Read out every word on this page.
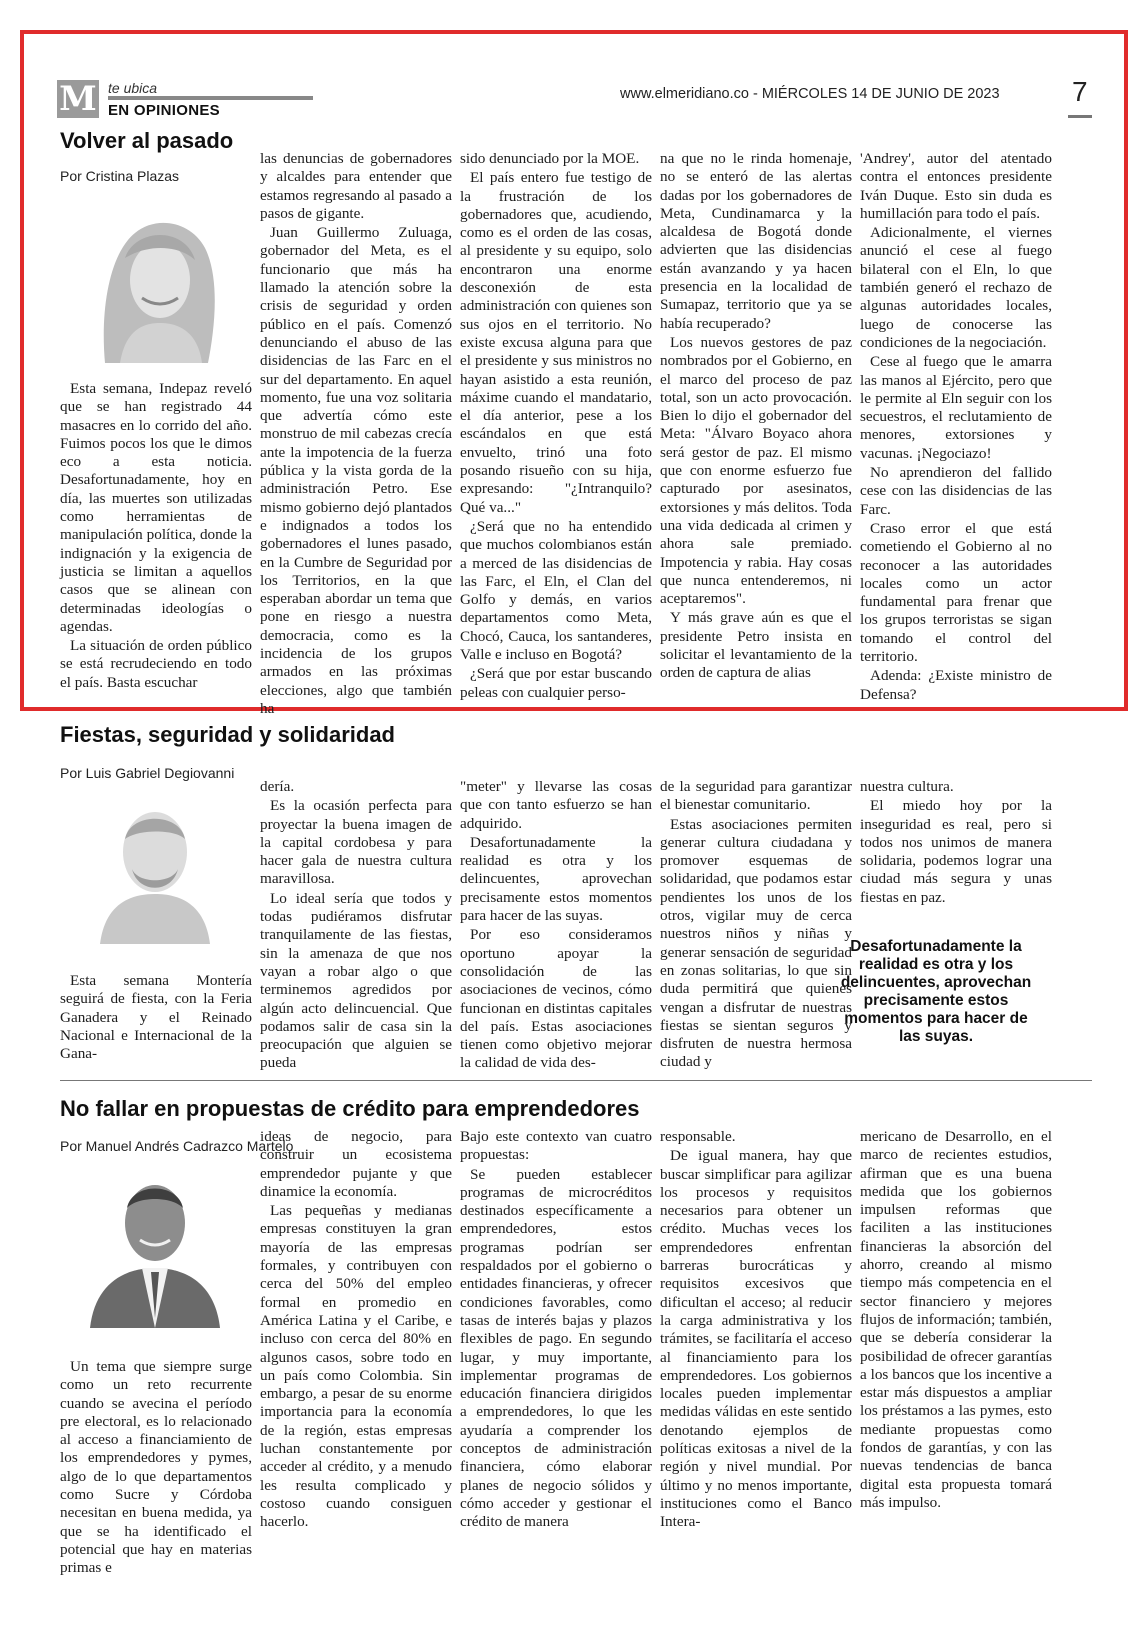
M te ubica
EN OPINIONES
www.elmeridiano.co - MIÉRCOLES 14 DE JUNIO DE 2023	7
Volver al pasado
Por Cristina Plazas

Esta semana, Indepaz reveló que se han registrado 44 masacres en lo corrido del año. Fuimos pocos los que le dimos eco a esta noticia. Desafortunadamente, hoy en día, las muertes son utilizadas como herramientas de manipulación política, donde la indignación y la exigencia de justicia se limitan a aquellos casos que se alinean con determinadas ideologías o agendas.

La situación de orden público se está recrudeciendo en todo el país. Basta escuchar

las denuncias de gobernadores y alcaldes para entender que estamos regresando al pasado a pasos de gigante.

Juan Guillermo Zuluaga, gobernador del Meta, es el funcionario que más ha llamado la atención sobre la crisis de seguridad y orden público en el país. Comenzó denunciando el abuso de las disidencias de las Farc en el sur del departamento. En aquel momento, fue una voz solitaria que advertía cómo este monstruo de mil cabezas crecía ante la impotencia de la fuerza pública y la vista gorda de la administración Petro. Ese mismo gobierno dejó plantados e indignados a todos los gobernadores el lunes pasado, en la Cumbre de Seguridad por los Territorios, en la que esperaban abordar un tema que pone en riesgo a nuestra democracia, como es la incidencia de los grupos armados en las próximas elecciones, algo que también ha

sido denunciado por la MOE.

El país entero fue testigo de la frustración de los gobernadores que, acudiendo, como es el orden de las cosas, al presidente y su equipo, solo encontraron una enorme desconexión de esta administración con quienes son sus ojos en el territorio. No existe excusa alguna para que el presidente y sus ministros no hayan asistido a esta reunión, máxime cuando el mandatario, el día anterior, pese a los escándalos en que está envuelto, trinó una foto posando risueño con su hija, expresando: "¿Intranquilo? Qué va..."

¿Será que no ha entendido que muchos colombianos están a merced de las disidencias de las Farc, el Eln, el Clan del Golfo y demás, en varios departamentos como Meta, Chocó, Cauca, los santanderes, Valle e incluso en Bogotá?

¿Será que por estar buscando peleas con cualquier perso-

na que no le rinda homenaje, no se enteró de las alertas dadas por los gobernadores de Meta, Cundinamarca y la alcaldesa de Bogotá donde advierten que las disidencias están avanzando y ya hacen presencia en la localidad de Sumapaz, territorio que ya se había recuperado?

Los nuevos gestores de paz nombrados por el Gobierno, en el marco del proceso de paz total, son un acto provocación. Bien lo dijo el gobernador del Meta: "Álvaro Boyaco ahora será gestor de paz. El mismo que con enorme esfuerzo fue capturado por asesinatos, extorsiones y más delitos. Toda una vida dedicada al crimen y ahora sale premiado. Impotencia y rabia. Hay cosas que nunca entenderemos, ni aceptaremos".

Y más grave aún es que el presidente Petro insista en solicitar el levantamiento de la orden de captura de alias

'Andrey', autor del atentado contra el entonces presidente Iván Duque. Esto sin duda es humillación para todo el país.

Adicionalmente, el viernes anunció el cese al fuego bilateral con el Eln, lo que también generó el rechazo de algunas autoridades locales, luego de conocerse las condiciones de la negociación.

Cese al fuego que le amarra las manos al Ejército, pero que le permite al Eln seguir con los secuestros, el reclutamiento de menores, extorsiones y vacunas. ¡Negociazo!

No aprendieron del fallido cese con las disidencias de las Farc.

Craso error el que está cometiendo el Gobierno al no reconocer a las autoridades locales como un actor fundamental para frenar que los grupos terroristas se sigan tomando el control del territorio.

Adenda: ¿Existe ministro de Defensa?

Fiestas, seguridad y solidaridad
Por Luis Gabriel Degiovanni

Esta semana Montería seguirá de fiesta, con la Feria Ganadera y el Reinado Nacional e Internacional de la Gana-

dería.

Es la ocasión perfecta para proyectar la buena imagen de la capital cordobesa y para hacer gala de nuestra cultura maravillosa.

Lo ideal sería que todos y todas pudiéramos disfrutar tranquilamente de las fiestas, sin la amenaza de que nos vayan a robar algo o que terminemos agredidos por algún acto delincuencial. Que podamos salir de casa sin la preocupación que alguien se pueda

"meter" y llevarse las cosas que con tanto esfuerzo se han adquirido.

Desafortunadamente la realidad es otra y los delincuentes, aprovechan precisamente estos momentos para hacer de las suyas.

Por eso consideramos oportuno apoyar la consolidación de las asociaciones de vecinos, cómo funcionan en distintas capitales del país. Estas asociaciones tienen como objetivo mejorar la calidad de vida des-

de la seguridad para garantizar el bienestar comunitario.

Estas asociaciones permiten generar cultura ciudadana y promover esquemas de solidaridad, que podamos estar pendientes los unos de los otros, vigilar muy de cerca nuestros niños y niñas y generar sensación de seguridad en zonas solitarias, lo que sin duda permitirá que quienes vengan a disfrutar de nuestras fiestas se sientan seguros y disfruten de nuestra hermosa ciudad y

nuestra cultura.

El miedo hoy por la inseguridad es real, pero si todos nos unimos de manera solidaria, podemos lograr una ciudad más segura y unas fiestas en paz.

Desafortunadamente la realidad es otra y los delincuentes, aprovechan precisamente estos momentos para hacer de las suyas.
No fallar en propuestas de crédito para emprendedores
Por Manuel Andrés Cadrazco Martelo

Un tema que siempre surge como un reto recurrente cuando se avecina el período pre electoral, es lo relacionado al acceso a financiamiento de los emprendedores y pymes, algo de lo que departamentos como Sucre y Córdoba necesitan en buena medida, ya que se ha identificado el potencial que hay en materias primas e

ideas de negocio, para construir un ecosistema emprendedor pujante y que dinamice la economía.

Las pequeñas y medianas empresas constituyen la gran mayoría de las empresas formales, y contribuyen con cerca del 50% del empleo formal en promedio en América Latina y el Caribe, e incluso con cerca del 80% en algunos casos, sobre todo en un país como Colombia. Sin embargo, a pesar de su enorme importancia para la economía de la región, estas empresas luchan constantemente por acceder al crédito, y a menudo les resulta complicado y costoso cuando consiguen hacerlo.

Bajo este contexto van cuatro propuestas:

Se pueden establecer programas de microcréditos destinados específicamente a emprendedores, estos programas podrían ser respaldados por el gobierno o entidades financieras, y ofrecer condiciones favorables, como tasas de interés bajas y plazos flexibles de pago. En segundo lugar, y muy importante, implementar programas de educación financiera dirigidos a emprendedores, lo que les ayudaría a comprender los conceptos de administración financiera, cómo elaborar planes de negocio sólidos y cómo acceder y gestionar el crédito de manera

responsable.

De igual manera, hay que buscar simplificar para agilizar los procesos y requisitos necesarios para obtener un crédito. Muchas veces los emprendedores enfrentan barreras burocráticas y requisitos excesivos que dificultan el acceso; al reducir la carga administrativa y los trámites, se facilitaría el acceso al financiamiento para los emprendedores. Los gobiernos locales pueden implementar medidas válidas en este sentido denotando ejemplos de políticas exitosas a nivel de la región y nivel mundial. Por último y no menos importante, instituciones como el Banco Intera-

mericano de Desarrollo, en el marco de recientes estudios, afirman que es una buena medida que los gobiernos impulsen reformas que faciliten a las instituciones financieras la absorción del ahorro, creando al mismo tiempo más competencia en el sector financiero y mejores flujos de información; también, que se debería considerar la posibilidad de ofrecer garantías a los bancos que los incentive a estar más dispuestos a ampliar los préstamos a las pymes, esto mediante propuestas como fondos de garantías, y con las nuevas tendencias de banca digital esta propuesta tomará más impulso.
